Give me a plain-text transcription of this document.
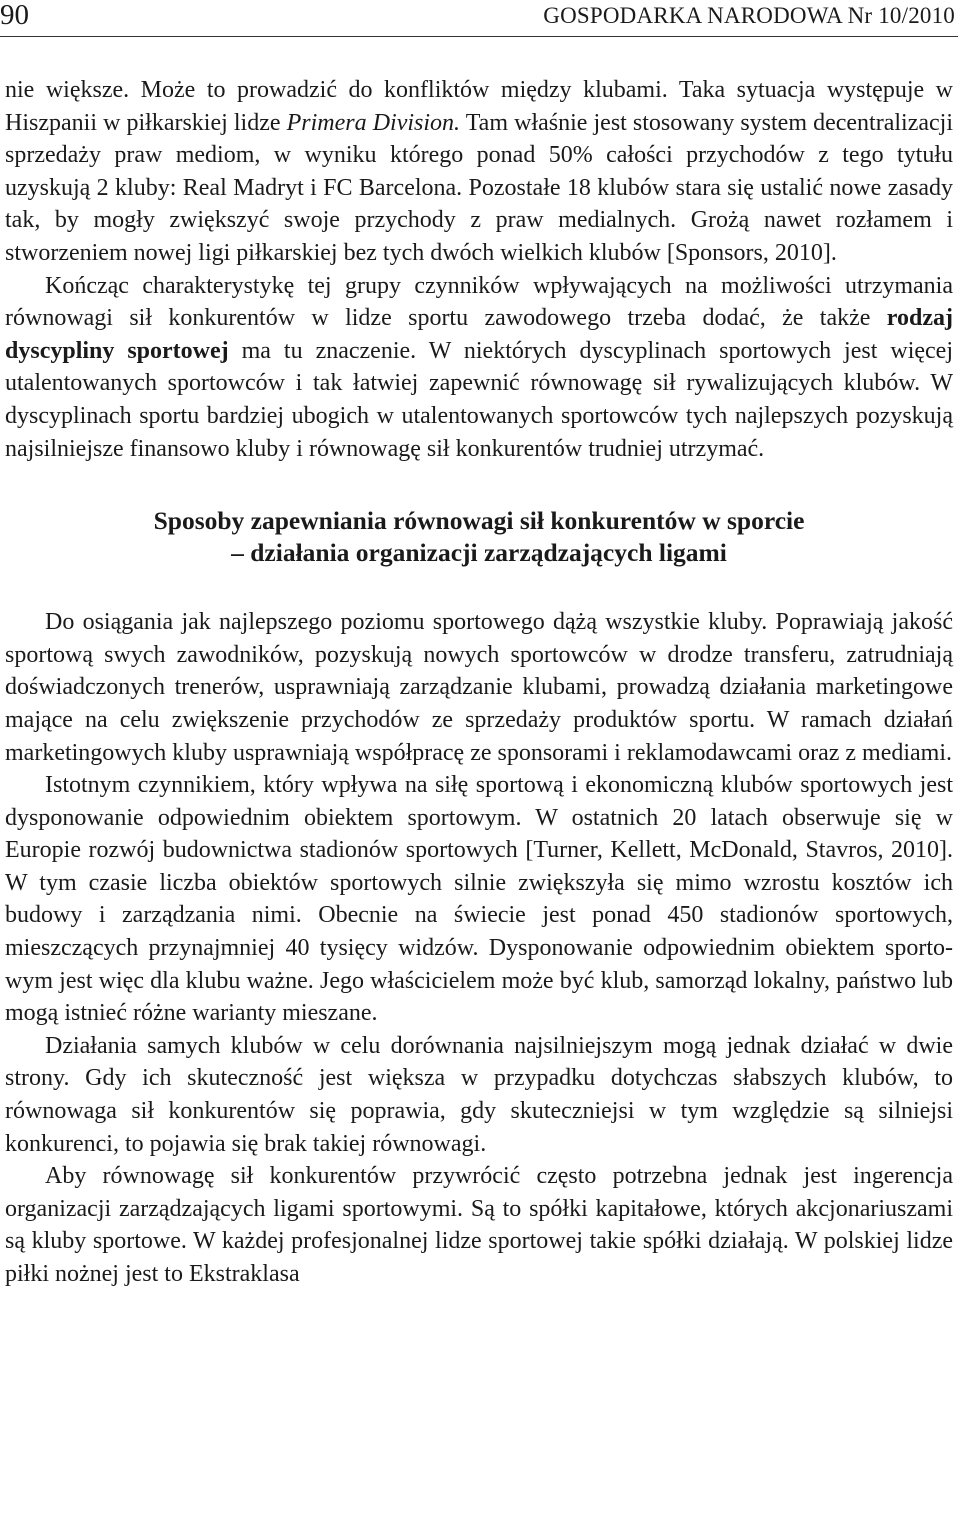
90	GOSPODARKA NARODOWA Nr 10/2010

nie większe. Może to prowadzić do konfliktów między klubami. Taka sytuacja występuje w Hiszpanii w piłkarskiej lidze Primera Division. Tam właśnie jest stosowany system decentralizacji sprzedaży praw mediom, w wyniku którego ponad 50% całości przychodów z tego tytułu uzyskują 2 kluby: Real Madryt i FC Barcelona. Pozostałe 18 klubów stara się ustalić nowe zasady tak, by mogły zwiększyć swoje przychody z praw medialnych. Grożą nawet rozłamem i stworzeniem nowej ligi piłkarskiej bez tych dwóch wielkich klubów [Sponsors, 2010].

Kończąc charakterystykę tej grupy czynników wpływających na możliwości utrzymania równowagi sił konkurentów w lidze sportu zawodowego trzeba dodać, że także rodzaj dyscypliny sportowej ma tu znaczenie. W niektórych dyscyplinach sportowych jest więcej utalentowanych sportowców i tak łatwiej zapewnić równowagę sił rywalizujących klubów. W dyscyplinach sportu bardziej ubogich w utalentowanych sportowców tych najlepszych pozyskują najsilniejsze finansowo kluby i równowagę sił konkurentów trudniej utrzymać.

Sposoby zapewniania równowagi sił konkurentów w sporcie
– działania organizacji zarządzających ligami

Do osiągania jak najlepszego poziomu sportowego dążą wszystkie kluby. Poprawiają jakość sportową swych zawodników, pozyskują nowych sportowców w drodze transferu, zatrudniają doświadczonych trenerów, usprawniają zarządzanie klubami, prowadzą działania marketingowe mające na celu zwiększenie przychodów ze sprzedaży produktów sportu. W ramach działań marketingowych kluby usprawniają współpracę ze sponsorami i reklamodawcami oraz z mediami.

Istotnym czynnikiem, który wpływa na siłę sportową i ekonomiczną klubów sportowych jest dysponowanie odpowiednim obiektem sportowym. W ostatnich 20 latach obserwuje się w Europie rozwój budownictwa stadionów sportowych [Turner, Kellett, McDonald, Stavros, 2010]. W tym czasie liczba obiektów sportowych silnie zwiększyła się mimo wzrostu kosztów ich budowy i zarządzania nimi. Obecnie na świecie jest ponad 450 stadionów sportowych, mieszczących przynajmniej 40 tysięcy widzów. Dysponowanie odpowiednim obiektem sportowym jest więc dla klubu ważne. Jego właścicielem może być klub, samorząd lokalny, państwo lub mogą istnieć różne warianty mieszane.

Działania samych klubów w celu dorównania najsilniejszym mogą jednak działać w dwie strony. Gdy ich skuteczność jest większa w przypadku dotychczas słabszych klubów, to równowaga sił konkurentów się poprawia, gdy skuteczniejsi w tym względzie są silniejsi konkurenci, to pojawia się brak takiej równowagi.

Aby równowagę sił konkurentów przywrócić często potrzebna jednak jest ingerencja organizacji zarządzających ligami sportowymi. Są to spółki kapitałowe, których akcjonariuszami są kluby sportowe. W każdej profesjonalnej lidze sportowej takie spółki działają. W polskiej lidze piłki nożnej jest to Ekstraklasa
